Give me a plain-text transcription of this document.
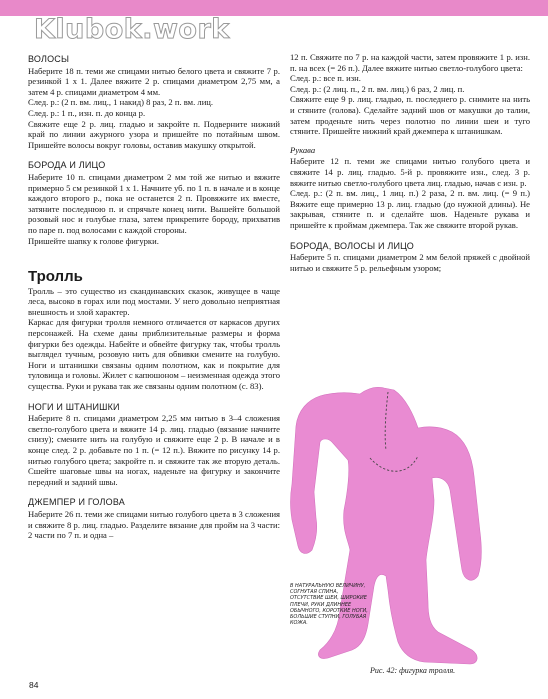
Klubok.work
ВОЛОСЫ

Наберите 18 п. теми же спицами нитью белого цвета и свяжите 7 р. резинкой 1 х 1. Далее вяжите 2 р. спицами диаметром 2,75 мм, а затем 4 р. спицами диаметром 4 мм.

След. р.: (2 п. вм. лиц., 1 накид) 8 раз, 2 п. вм. лиц.

След. р.: 1 п., изн. п. до конца р.

Свяжите еще 2 р. лиц. гладью и закройте п. Подверните нижний край по линии ажурного узора и пришейте по потайным швом. Пришейте волосы вокруг головы, оставив макушку открытой.

БОРОДА И ЛИЦО

Наберите 10 п. спицами диаметром 2 мм той же нитью и вяжите примерно 5 см резинкой 1 х 1. Начните уб. по 1 п. в начале и в конце каждого второго р., пока не останется 2 п. Провяжите их вместе, затяните последнюю п. и спрячьте конец нити. Вышейте большой розовый нос и голубые глаза, затем прикрепите бороду, прихватив по паре п. под волосами с каждой стороны.

Пришейте шапку к голове фигурки.

Тролль

Тролль – это существо из скандинавских сказок, живущее в чаще леса, высоко в горах или под мостами. У него довольно неприятная внешность и злой характер.

Каркас для фигурки тролля немного отличается от каркасов других персонажей. На схеме даны приблизительные размеры и форма фигурки без одежды. Набейте и обвейте фигурку так, чтобы тролль выглядел тучным, розовую нить для обвивки смените на голубую. Ноги и штанишки связаны одним полотном, как и покрытие для туловища и головы. Жилет с капюшоном – неизменная одежда этого существа. Руки и рукава так же связаны одним полотном (с. 83).

НОГИ И ШТАНИШКИ

Наберите 8 п. спицами диаметром 2,25 мм нитью в 3–4 сложения светло-голубого цвета и вяжите 14 р. лиц. гладью (вязание начните снизу); смените нить на голубую и свяжите еще 2 р. В начале и в конце след. 2 р. добавьте по 1 п. (= 12 п.). Вяжите по рисунку 14 р. нитью голубого цвета; закройте п. и свяжите так же вторую деталь. Сшейте шаговые швы на ногах, наденьте на фигурку и закончите передний и задний швы.

ДЖЕМПЕР И ГОЛОВА

Наберите 26 п. теми же спицами нитью голубого цвета в 3 сложения и свяжите 8 р. лиц. гладью. Разделите вязание для пройм на 3 части: 2 части по 7 п. и одна –

12 п. Свяжите по 7 р. на каждой части, затем провяжите 1 р. изн. п. на всех (= 26 п.). Далее вяжите нитью светло-голубого цвета:

След. р.: все п. изн.

След. р.: (2 лиц. п., 2 п. вм. лиц.) 6 раз, 2 лиц. п.

Свяжите еще 9 р. лиц. гладью, п. последнего р. снимите на нить и стяните (голова). Сделайте задний шов от макушки до талии, затем проденьте нить через полотно по линии шеи и туго стяните. Пришейте нижний край джемпера к штанишкам.

Рукава

Наберите 12 п. теми же спицами нитью голубого цвета и свяжите 14 р. лиц. гладью. 5-й р. провяжите изн., след. 3 р. вяжите нитью светло-голубого цвета лиц. гладью, начав с изн. р.

След. р.: (2 п. вм. лиц., 1 лиц. п.) 2 раза, 2 п. вм. лиц. (= 9 п.) Вяжите еще примерно 13 р. лиц. гладью (до нужной длины). Не закрывая, стяните п. и сделайте шов. Наденьте рукава и пришейте к проймам джемпера. Так же свяжите второй рукав.

БОРОДА, ВОЛОСЫ И ЛИЦО

Наберите 5 п. спицами диаметром 2 мм белой пряжей с двойной нитью и свяжите 5 р. рельефным узором;

В НАТУРАЛЬНУЮ ВЕЛИЧИНУ, СОГНУТАЯ СПИНА, ОТСУТСТВИЕ ШЕИ, ШИРОКИЕ ПЛЕЧИ, РУКИ ДЛИННЕЕ ОБЫЧНОГО, КОРОТКИЕ НОГИ, БОЛЬШИЕ СТУПНИ, ГОЛУБАЯ КОЖА.
Рис. 42: фигурка тролля.
84
